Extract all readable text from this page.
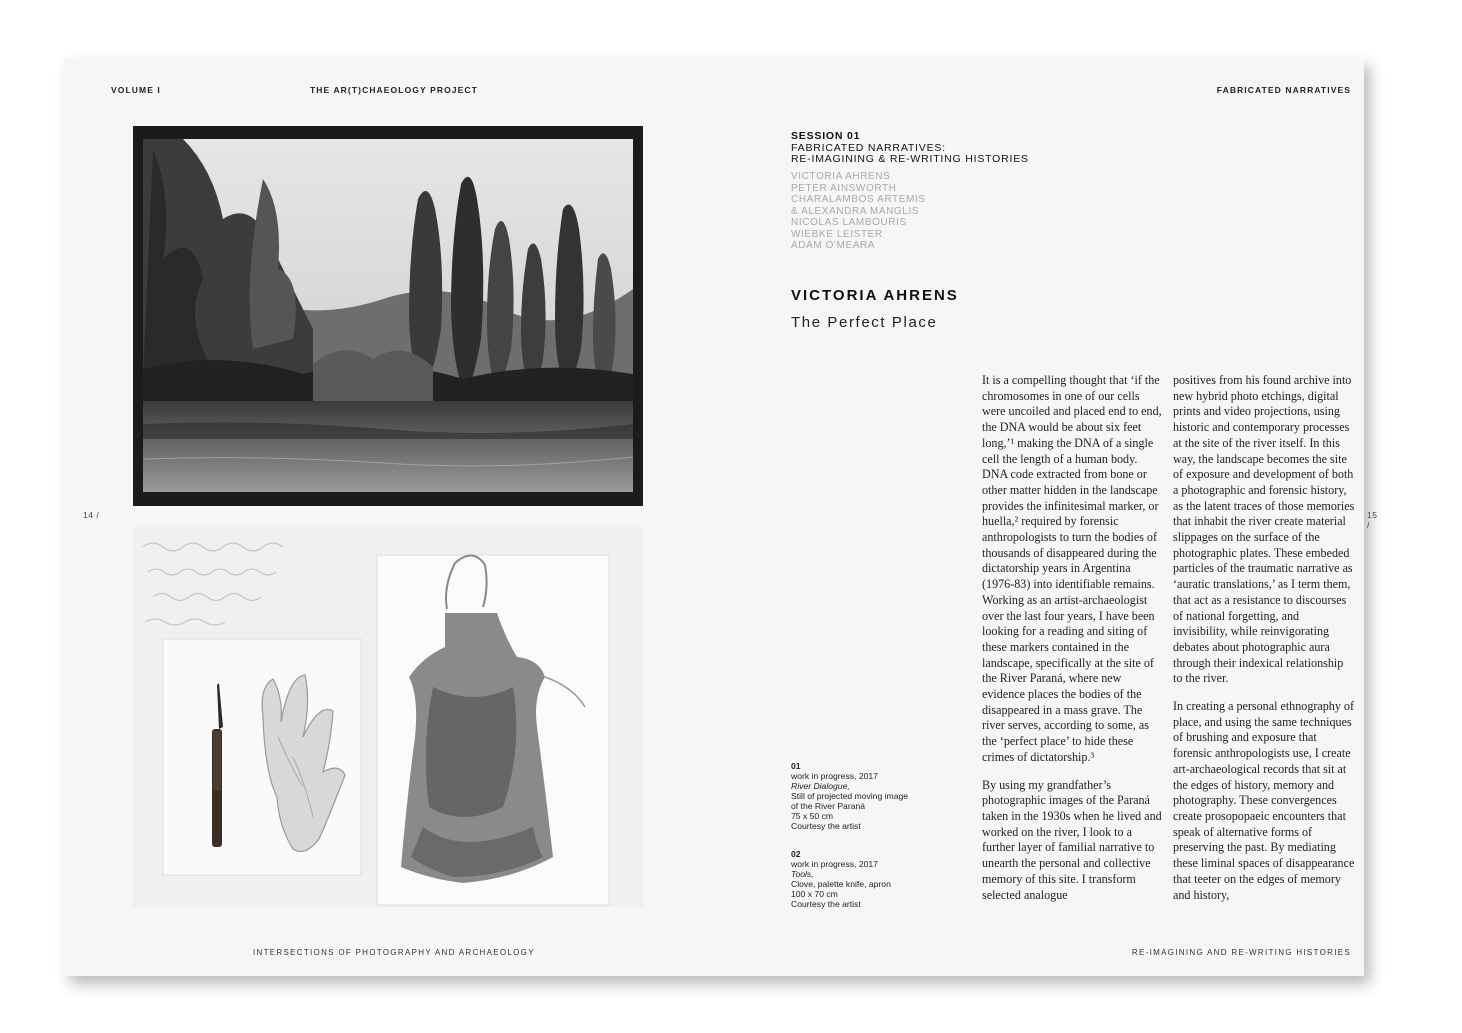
VOLUME I	THE AR(T)CHAEOLOGY PROJECT	FABRICATED NARRATIVES
14 /	15 /
SESSION 01
FABRICATED NARRATIVES:
RE-IMAGINING & RE-WRITING HISTORIES
VICTORIA AHRENS
PETER AINSWORTH
CHARALAMBOS ARTEMIS
& ALEXANDRA MANGLIS
NICOLAS LAMBOURIS
WIEBKE LEISTER
ADAM O'MEARA
VICTORIA AHRENS
The Perfect Place

It is a compelling thought that ‘if the chromosomes in one of our cells were uncoiled and placed end to end, the DNA would be about six feet long,’¹ making the DNA of a single cell the length of a human body. DNA code extracted from bone or other matter hidden in the landscape provides the infinitesimal marker, or huella,² required by forensic anthropologists to turn the bodies of thousands of disappeared during the dictatorship years in Argentina (1976-83) into identifiable remains. Working as an artist-archaeologist over the last four years, I have been looking for a reading and siting of these markers contained in the landscape, specifically at the site of the River Paraná, where new evidence places the bodies of the disappeared in a mass grave. The river serves, according to some, as the ‘perfect place’ to hide these crimes of dictatorship.³

By using my grandfather’s photographic images of the Paraná taken in the 1930s when he lived and worked on the river, I look to a further layer of familial narrative to unearth the personal and collective memory of this site. I transform selected analogue

positives from his found archive into new hybrid photo etchings, digital prints and video projections, using historic and contemporary processes at the site of the river itself. In this way, the landscape becomes the site of exposure and development of both a photographic and forensic history, as the latent traces of those memories that inhabit the river create material slippages on the surface of the photographic plates. These embeded particles of the traumatic narrative as ‘auratic translations,’ as I term them, that act as a resistance to discourses of national forgetting, and invisibility, while reinvigorating debates about photographic aura through their indexical relationship to the river.

In creating a personal ethnography of place, and using the same techniques of brushing and exposure that forensic anthropologists use, I create art-archaeological records that sit at the edges of history, memory and photography. These convergences create prosopopaeic encounters that speak of alternative forms of preserving the past. By mediating these liminal spaces of disappearance that teeter on the edges of memory and history,

01
work in progress, 2017
River Dialogue,
Still of projected moving image
of the River Paraná
75 x 50 cm
Courtesy the artist
02
work in progress, 2017
Tools,
Clove, palette knife, apron
100 x 70 cm
Courtesy the artist
INTERSECTIONS OF PHOTOGRAPHY AND ARCHAEOLOGY	RE-IMAGINING AND RE-WRITING HISTORIES
